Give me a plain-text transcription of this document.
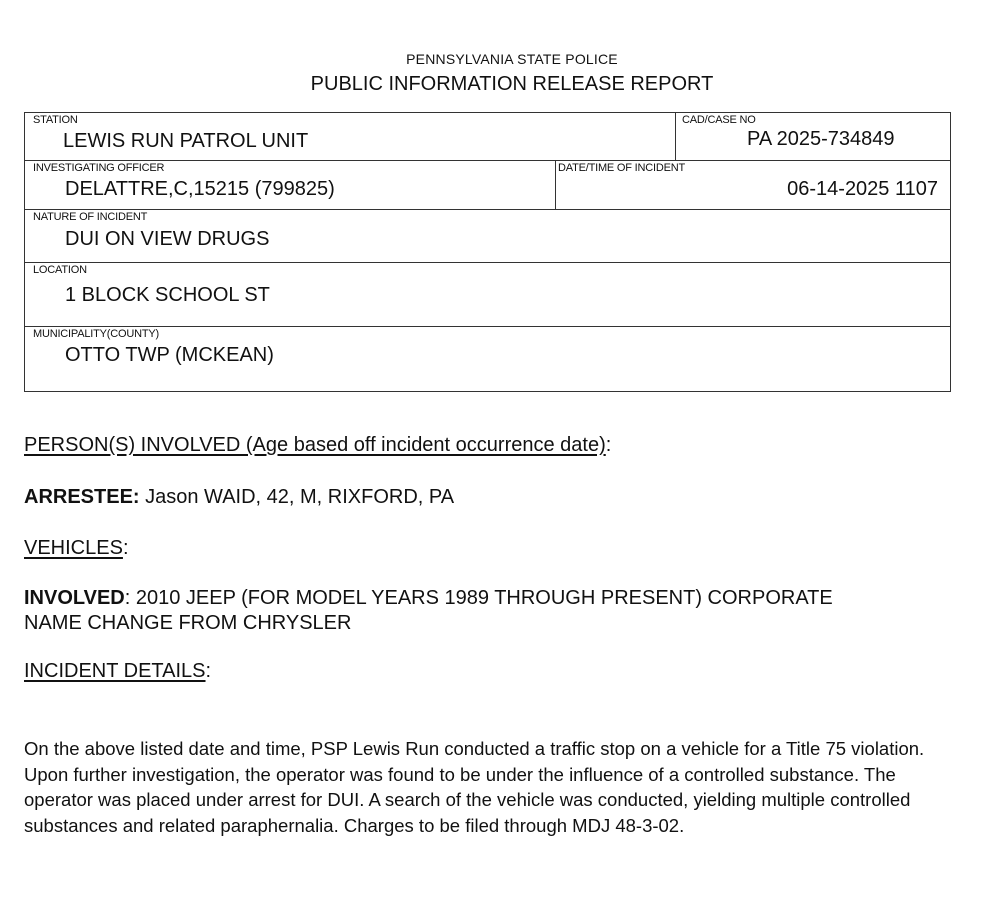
PENNSYLVANIA STATE POLICE
PUBLIC INFORMATION RELEASE REPORT
STATION
LEWIS RUN PATROL UNIT
CAD/CASE NO
PA 2025-734849
INVESTIGATING OFFICER
DELATTRE,C,15215 (799825)
DATE/TIME OF INCIDENT
06-14-2025 1107
NATURE OF INCIDENT
DUI ON VIEW DRUGS
LOCATION
1 BLOCK SCHOOL ST
MUNICIPALITY(COUNTY)
OTTO TWP (MCKEAN)
PERSON(S) INVOLVED (Age based off incident occurrence date):
ARRESTEE: Jason WAID, 42, M, RIXFORD, PA
VEHICLES:
INVOLVED: 2010 JEEP (FOR MODEL YEARS 1989 THROUGH PRESENT) CORPORATE
NAME CHANGE FROM CHRYSLER
INCIDENT DETAILS:
On the above listed date and time, PSP Lewis Run conducted a traffic stop on a vehicle for a Title 75 violation. Upon further investigation, the operator was found to be under the influence of a controlled substance. The operator was placed under arrest for DUI. A search of the vehicle was conducted, yielding multiple controlled substances and related paraphernalia. Charges to be filed through MDJ 48-3-02.
